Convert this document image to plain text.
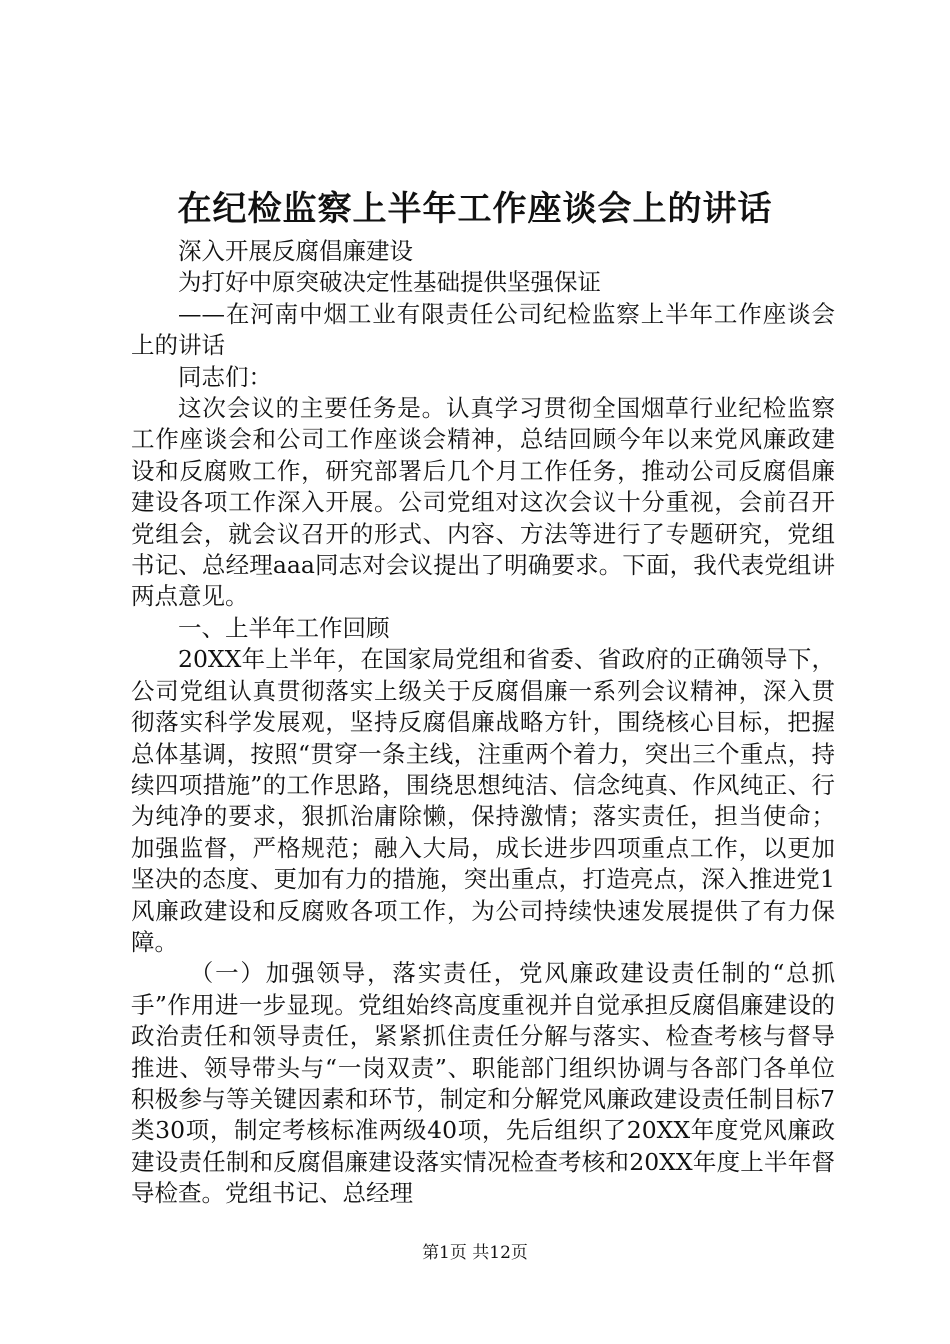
在纪检监察上半年工作座谈会上的讲话

深入开展反腐倡廉建设

为打好中原突破决定性基础提供坚强保证

——在河南中烟工业有限责任公司纪检监察上半年工作座谈会上的讲话

同志们：

这次会议的主要任务是。认真学习贯彻全国烟草行业纪检监察工作座谈会和公司工作座谈会精神，总结回顾今年以来党风廉政建设和反腐败工作，研究部署后几个月工作任务，推动公司反腐倡廉建设各项工作深入开展。公司党组对这次会议十分重视，会前召开党组会，就会议召开的形式、内容、方法等进行了专题研究，党组书记、总经理aaa同志对会议提出了明确要求。下面，我代表党组讲两点意见。

一、上半年工作回顾

20XX年上半年，在国家局党组和省委、省政府的正确领导下，公司党组认真贯彻落实上级关于反腐倡廉一系列会议精神，深入贯彻落实科学发展观，坚持反腐倡廉战略方针，围绕核心目标，把握总体基调，按照“贯穿一条主线，注重两个着力，突出三个重点，持续四项措施”的工作思路，围绕思想纯洁、信念纯真、作风纯正、行为纯净的要求，狠抓治庸除懒，保持激情；落实责任，担当使命；加强监督，严格规范；融入大局，成长进步四项重点工作，以更加坚决的态度、更加有力的措施，突出重点，打造亮点，深入推进党1风廉政建设和反腐败各项工作，为公司持续快速发展提供了有力保障。

（一）加强领导，落实责任，党风廉政建设责任制的“总抓手”作用进一步显现。党组始终高度重视并自觉承担反腐倡廉建设的政治责任和领导责任，紧紧抓住责任分解与落实、检查考核与督导推进、领导带头与“一岗双责”、职能部门组织协调与各部门各单位积极参与等关键因素和环节，制定和分解党风廉政建设责任制目标7类30项，制定考核标准两级40项，先后组织了20XX年度党风廉政建设责任制和反腐倡廉建设落实情况检查考核和20XX年度上半年督导检查。党组书记、总经理

第1页 共12页
